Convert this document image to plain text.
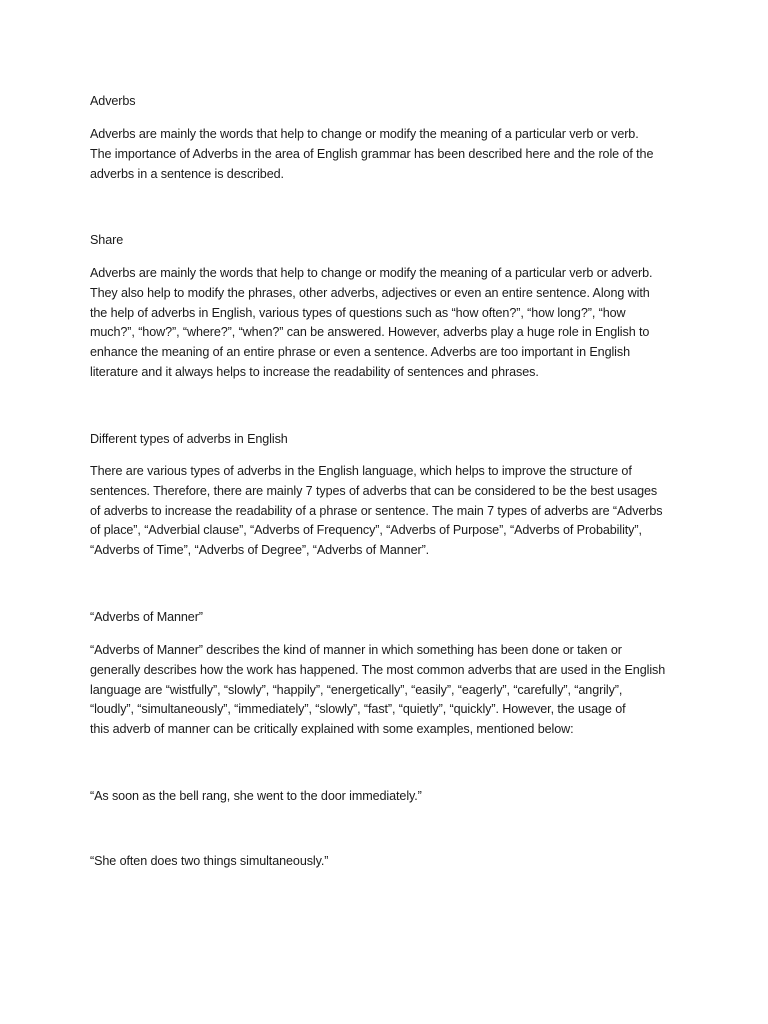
Adverbs
Adverbs are mainly the words that help to change or modify the meaning of a particular verb or verb.
The importance of Adverbs in the area of English grammar has been described here and the role of the
adverbs in a sentence is described.
Share
Adverbs are mainly the words that help to change or modify the meaning of a particular verb or adverb.
They also help to modify the phrases, other adverbs, adjectives or even an entire sentence. Along with
the help of adverbs in English, various types of questions such as “how often?”, “how long?”, “how
much?”, “how?”, “where?”, “when?” can be answered. However, adverbs play a huge role in English to
enhance the meaning of an entire phrase or even a sentence. Adverbs are too important in English
literature and it always helps to increase the readability of sentences and phrases.
Different types of adverbs in English
There are various types of adverbs in the English language, which helps to improve the structure of
sentences. Therefore, there are mainly 7 types of adverbs that can be considered to be the best usages
of adverbs to increase the readability of a phrase or sentence. The main 7 types of adverbs are “Adverbs
of place”, “Adverbial clause”, “Adverbs of Frequency”, “Adverbs of Purpose”, “Adverbs of Probability”,
“Adverbs of Time”, “Adverbs of Degree”, “Adverbs of Manner”.
“Adverbs of Manner”
“Adverbs of Manner” describes the kind of manner in which something has been done or taken or
generally describes how the work has happened. The most common adverbs that are used in the English
language are “wistfully”, “slowly”, “happily”, “energetically”, “easily”, “eagerly”, “carefully”, “angrily”,
“loudly”, “simultaneously”, “immediately”, “slowly”, “fast”, “quietly”, “quickly”. However, the usage of
this adverb of manner can be critically explained with some examples, mentioned below:
“As soon as the bell rang, she went to the door immediately.”
“She often does two things simultaneously.”
